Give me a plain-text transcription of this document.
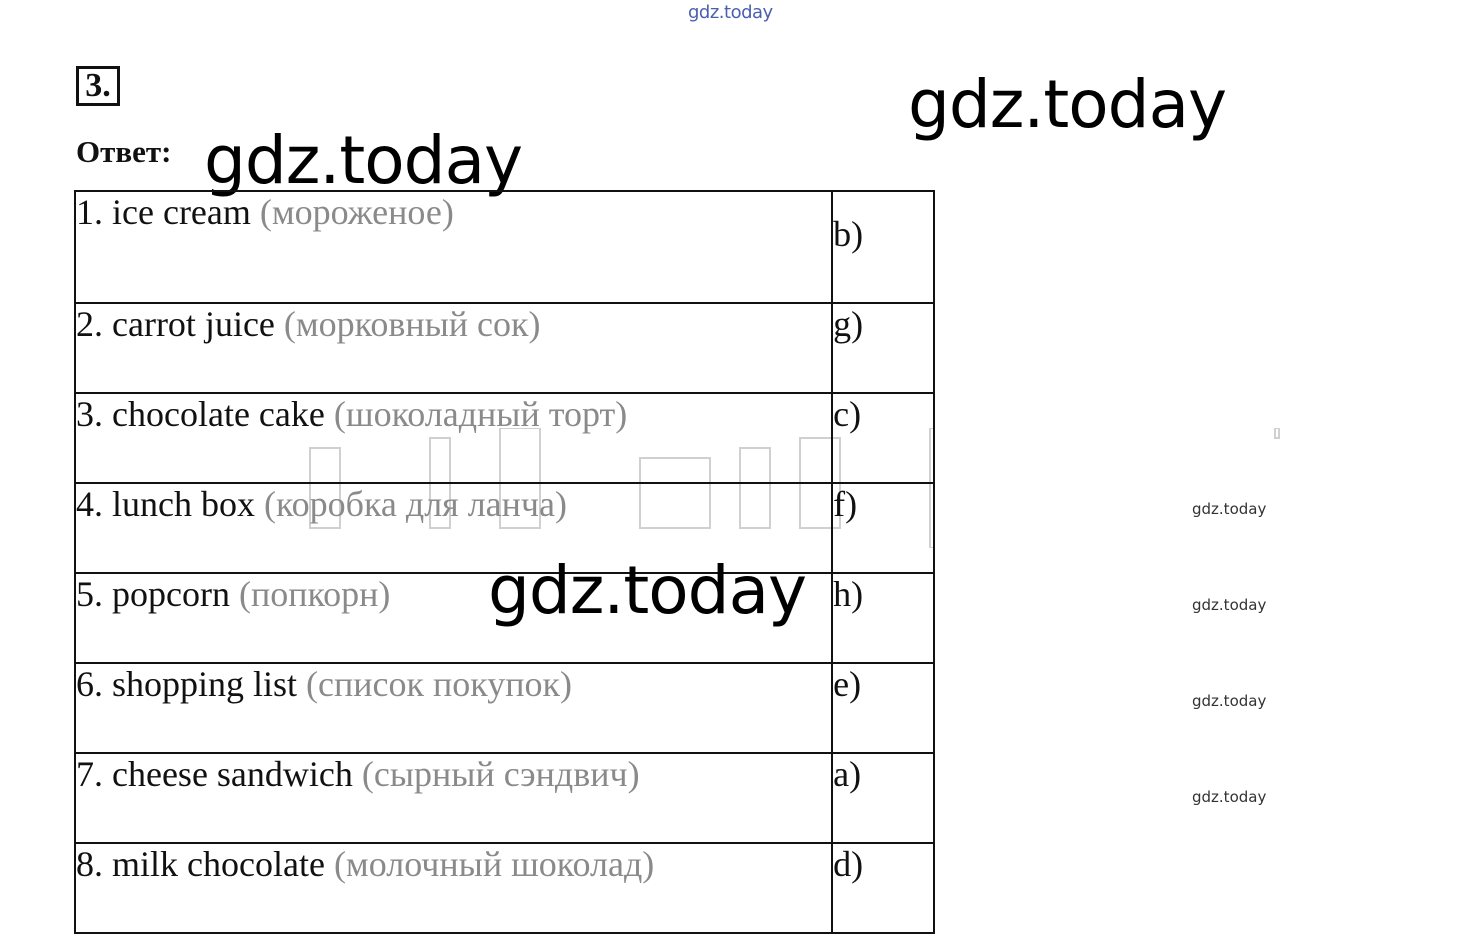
gdz.today
gdz.today
gdz.today
3.
Ответ:
1. ice cream (мороженое)	b)
2. carrot juice (морковный сок)	g)
3. chocolate cake (шоколадный торт)	c)
4. lunch box (коробка для ланча)	f)
5. popcorn (попкорн)	h)
6. shopping list (список покупок)	e)
7. cheese sandwich (сырный сэндвич)	a)
8. milk chocolate (молочный шоколад)	d)
gdz.today
gdz.today
gdz.today
gdz.today
gdz.today
